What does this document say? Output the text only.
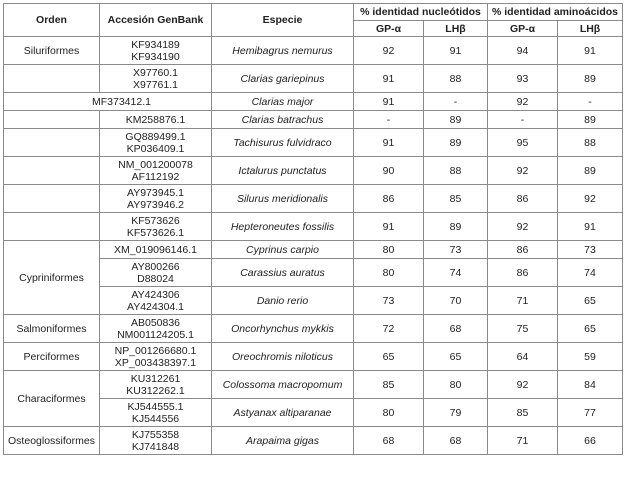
Orden	Accesión GenBank	Especie	% identidad nucleótidos		% identidad aminoácidos	
			GP-α	LHβ	GP-α	LHβ
Siluriformes	KF934189
KF934190	Hemibagrus nemurus	92	91	94	91

	X97760.1
X97761.1	Clarias gariepinus	91	88	93	89
MF373412.1		Clarias major	91	-	92	-
	KM258876.1	Clarias batrachus	-	89	-	89

	GQ889499.1
KP036409.1	Tachisurus fulvidraco	91	89	95	88

	NM_001200078
AF112192	Ictalurus punctatus	90	88	92	89

	AY973945.1
AY973946.2	Silurus meridionalis	86	85	86	92

	KF573626
KF573626.1	Hepteroneutes fossilis	91	89	92	91
Cypriniformes	XM_019096146.1	Cyprinus carpio	80	73	86	73

	AY800266
D88024	Carassius auratus	80	74	86	74

	AY424306
AY424304.1	Danio rerio	73	70	71	65
Salmoniformes	AB050836
NM001124205.1	Oncorhynchus mykkis	72	68	75	65
Perciformes	NP_001266680.1
XP_003438397.1	Oreochromis niloticus	65	65	64	59
Characiformes	KU312261
KU312262.1	Colossoma macropomum	85	80	92	84

	KJ544555.1
KJ544556	Astyanax altiparanae	80	79	85	77
Osteoglossiformes	KJ755358
KJ741848	Arapaima gigas	68	68	71	66
